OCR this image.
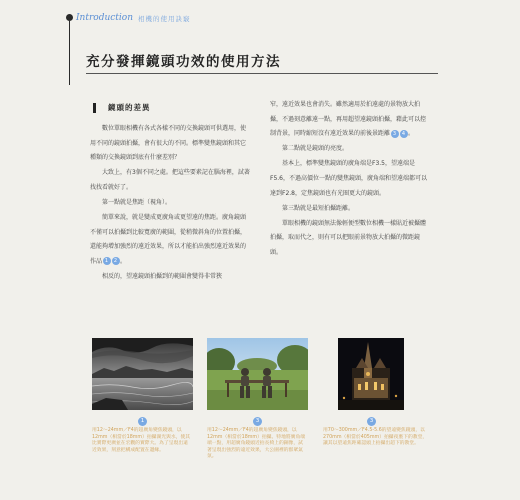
Introduction 相機的使用訣竅
充分發揮鏡頭功效的使用方法
鏡頭的差異

數位單眼相機有各式各樣不同的交換鏡頭可供選用，使用不同的鏡頭拍攝，會有很大的不同。標準變焦鏡頭和其它種類的交換鏡頭到底有什麼差別？

大致上，有3個不同之處。把這些要素記在腦海裡，試著找找看就好了。

第一點就是焦距（視角）。

簡單來說，就是變成更廣角或更望遠的焦距。廣角鏡頭不僅可以拍攝到比較寬廣的範圍，從稍微斜角的位置拍攝，還能夠增加強烈的遠近效果，所以才能拍出強烈遠近效果的作品 1 2 。

相反的，望遠鏡頭拍攝到的範圍會變得非常狹

窄，遠近效果也會消失。雖然適用於拍遠處的景物放大拍攝，不過刻意離遠一點，再用超望遠鏡頭拍攝，藉此可以控制背景，同時縮短沒有遠近效果的前後景距離 3 4 。

第二點就是鏡頭的亮度。

基本上，標準變焦鏡頭的廣角端是F3.5，望遠端是F5.6，不過高價位一點的變焦鏡頭，廣角端和望遠端都可以達到F2.8，定焦鏡頭也有光圈更大的鏡頭。

第三點就是最短拍攝距離。

單眼相機的鏡頭無法像輕便型數位相機一樣貼近被攝體拍攝，取而代之，則有可以把眼前景物放大拍攝的微距鏡頭。

1
用12～24mm／F4的超廣角變焦鏡頭，以12mm（相當於18mm）拍攝湖光與水，使其比實際更廣並在宏觀的實際大。為了呈現出遠近效果，刻意把構成配置在邊緣。
3
用12～24mm／F4的超廣角變焦鏡頭，以12mm（相當於18mm）拍攝。特地將廣角端端一點，用超廣角鏡頭近拍長椅上的銅像，試著呈現出強烈的遠近效果，大公園裡的群眾氣氛。
3
用70～300mm／F4.5-5.6的望遠變焦鏡頭，以270mm（相當於405mm）拍攝夜裏下的教堂，讓其以望遠焦距確認頭上拍攝出超下的教堂。
